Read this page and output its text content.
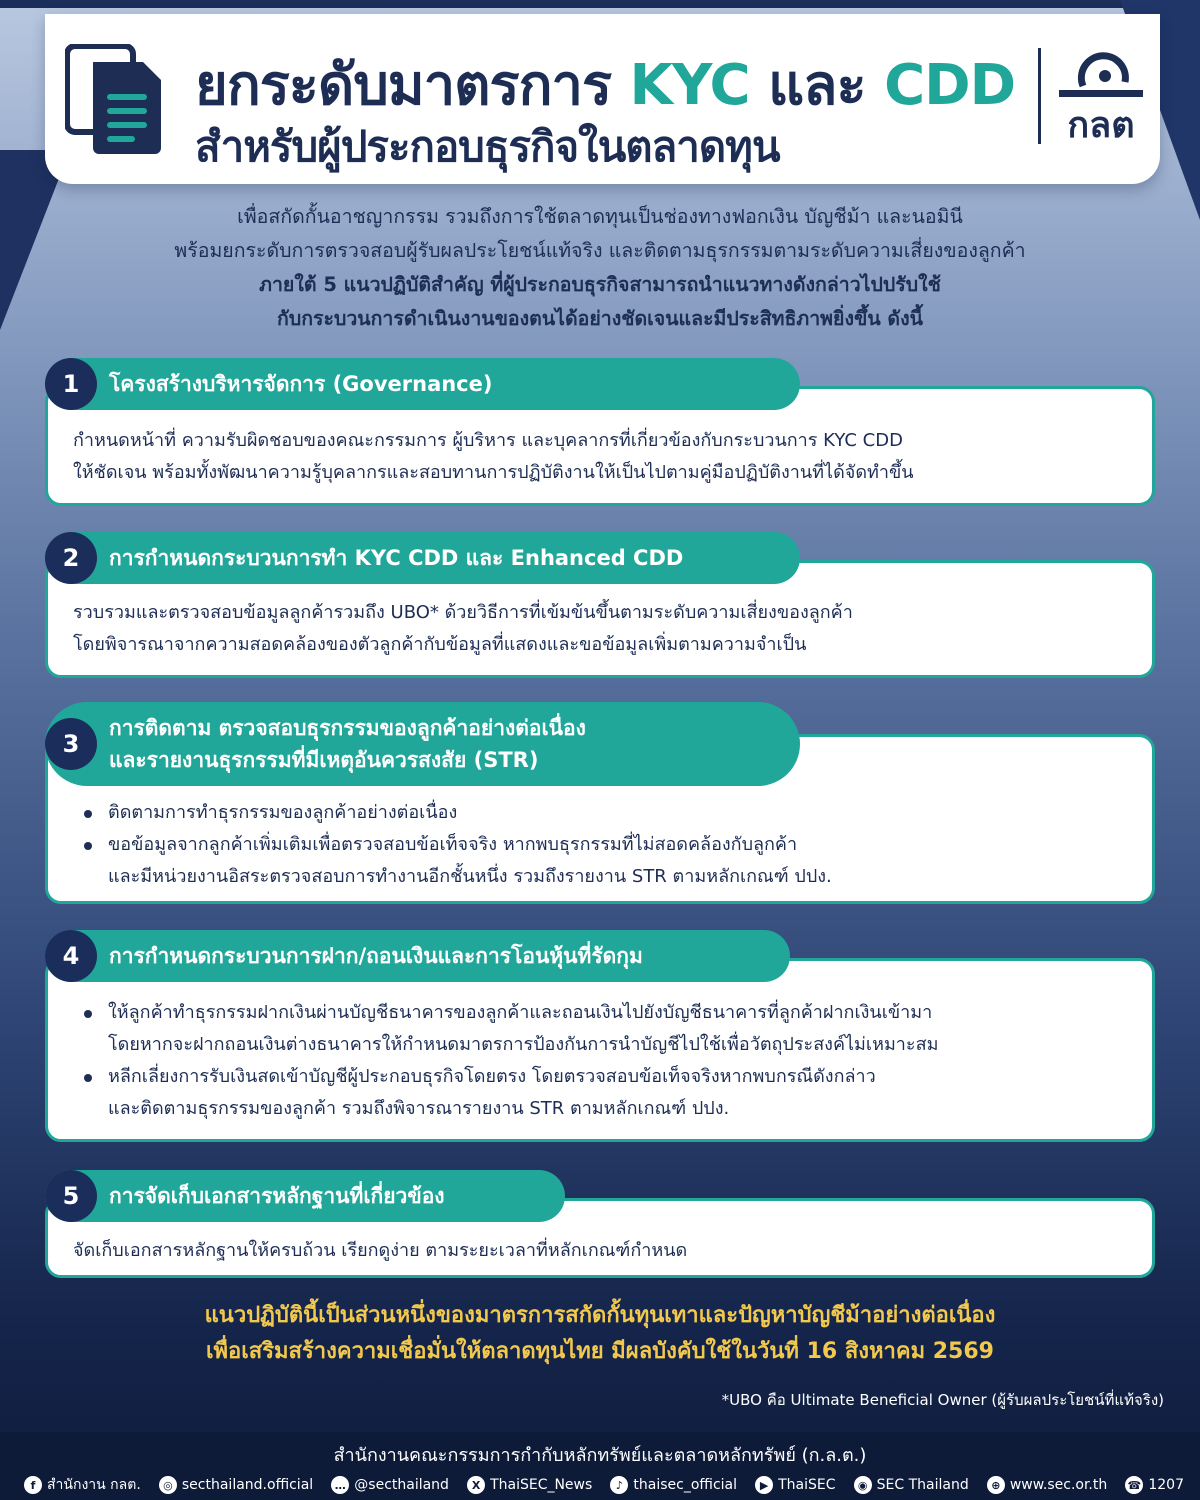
ยกระดับมาตรการ KYC และ CDD
สำหรับผู้ประกอบธุรกิจในตลาดทุน	กลต

เพื่อสกัดกั้นอาชญากรรม รวมถึงการใช้ตลาดทุนเป็นช่องทางฟอกเงิน บัญชีม้า และนอมินี

พร้อมยกระดับการตรวจสอบผู้รับผลประโยชน์แท้จริง และติดตามธุรกรรมตามระดับความเสี่ยงของลูกค้า

ภายใต้ 5 แนวปฏิบัติสำคัญ ที่ผู้ประกอบธุรกิจสามารถนำแนวทางดังกล่าวไปปรับใช้

กับกระบวนการดำเนินงานของตนได้อย่างชัดเจนและมีประสิทธิภาพยิ่งขึ้น ดังนี้

กำหนดหน้าที่ ความรับผิดชอบของคณะกรรมการ ผู้บริหาร และบุคลากรที่เกี่ยวข้องกับกระบวนการ KYC CDD

ให้ชัดเจน พร้อมทั้งพัฒนาความรู้บุคลากรและสอบทานการปฏิบัติงานให้เป็นไปตามคู่มือปฏิบัติงานที่ได้จัดทำขึ้น

1	โครงสร้างบริหารจัดการ (Governance)

รวบรวมและตรวจสอบข้อมูลลูกค้ารวมถึง UBO* ด้วยวิธีการที่เข้มข้นขึ้นตามระดับความเสี่ยงของลูกค้า

โดยพิจารณาจากความสอดคล้องของตัวลูกค้ากับข้อมูลที่แสดงและขอข้อมูลเพิ่มตามความจำเป็น

2	การกำหนดกระบวนการทำ KYC CDD และ Enhanced CDD
ติดตามการทำธุรกรรมของลูกค้าอย่างต่อเนื่อง
ขอข้อมูลจากลูกค้าเพิ่มเติมเพื่อตรวจสอบข้อเท็จจริง หากพบธุรกรรมที่ไม่สอดคล้องกับลูกค้า
และมีหน่วยงานอิสระตรวจสอบการทำงานอีกชั้นหนึ่ง รวมถึงรายงาน STR ตามหลักเกณฑ์ ปปง.
3
การติดตาม ตรวจสอบธุรกรรมของลูกค้าอย่างต่อเนื่อง
และรายงานธุรกรรมที่มีเหตุอันควรสงสัย (STR)
ให้ลูกค้าทำธุรกรรมฝากเงินผ่านบัญชีธนาคารของลูกค้าและถอนเงินไปยังบัญชีธนาคารที่ลูกค้าฝากเงินเข้ามา
โดยหากจะฝากถอนเงินต่างธนาคารให้กำหนดมาตรการป้องกันการนำบัญชีไปใช้เพื่อวัตถุประสงค์ไม่เหมาะสม
หลีกเลี่ยงการรับเงินสดเข้าบัญชีผู้ประกอบธุรกิจโดยตรง โดยตรวจสอบข้อเท็จจริงหากพบกรณีดังกล่าว
และติดตามธุรกรรมของลูกค้า รวมถึงพิจารณารายงาน STR ตามหลักเกณฑ์ ปปง.
4	การกำหนดกระบวนการฝาก/ถอนเงินและการโอนหุ้นที่รัดกุม

จัดเก็บเอกสารหลักฐานให้ครบถ้วน เรียกดูง่าย ตามระยะเวลาที่หลักเกณฑ์กำหนด

5	การจัดเก็บเอกสารหลักฐานที่เกี่ยวข้อง

แนวปฏิบัตินี้เป็นส่วนหนึ่งของมาตรการสกัดกั้นทุนเทาและปัญหาบัญชีม้าอย่างต่อเนื่อง

เพื่อเสริมสร้างความเชื่อมั่นให้ตลาดทุนไทย มีผลบังคับใช้ในวันที่ 16 สิงหาคม 2569

*UBO คือ Ultimate Beneficial Owner (ผู้รับผลประโยชน์ที่แท้จริง)
สำนักงานคณะกรรมการกำกับหลักทรัพย์และตลาดหลักทรัพย์ (ก.ล.ต.)
f สำนักงาน กลต.	◎ secthailand.official	… @secthailand	X ThaiSEC_News	♪ thaisec_official	▶ ThaiSEC	◉ SEC Thailand	⊕ www.sec.or.th ☎ 1207
